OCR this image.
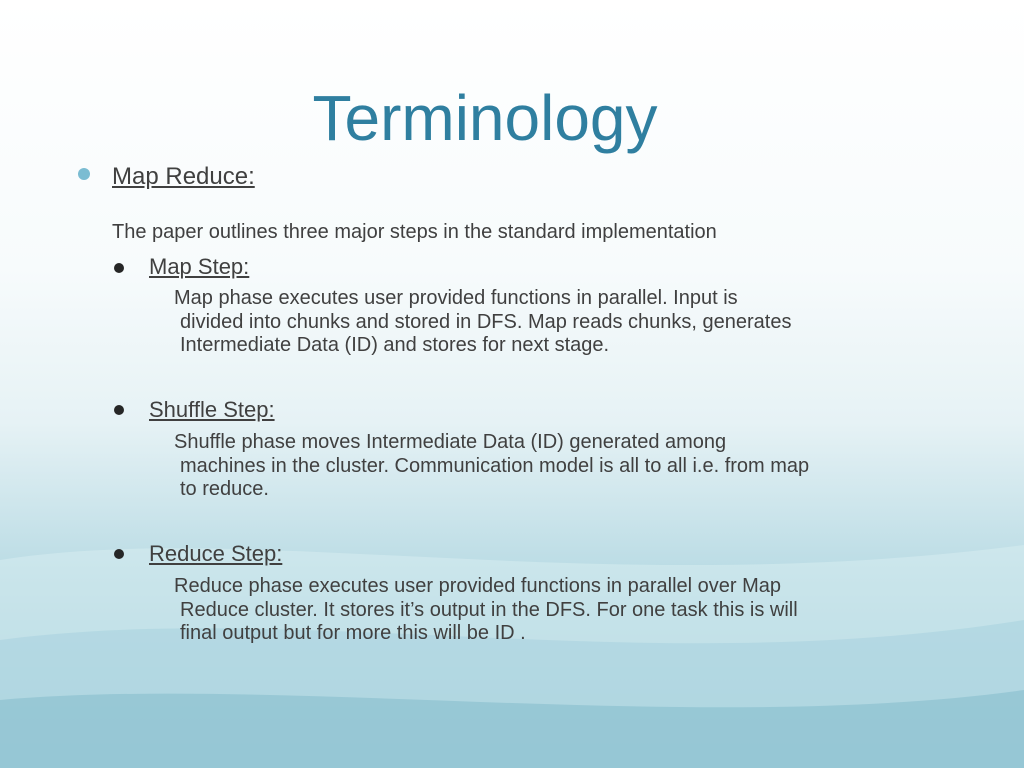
Terminology
Map Reduce:
The paper outlines three major steps in the standard implementation
Map Step:
Map phase executes user provided functions in parallel. Input is
divided into chunks and stored in DFS. Map reads chunks, generates
Intermediate Data (ID) and stores for next stage.
Shuffle Step:
Shuffle phase moves Intermediate Data (ID) generated among
machines in the cluster. Communication model is all to all i.e. from map
to reduce.
Reduce Step:
Reduce phase executes user provided functions in parallel over Map
Reduce cluster. It stores it’s output in the DFS. For one task this is will
final output but for more this will be ID .
